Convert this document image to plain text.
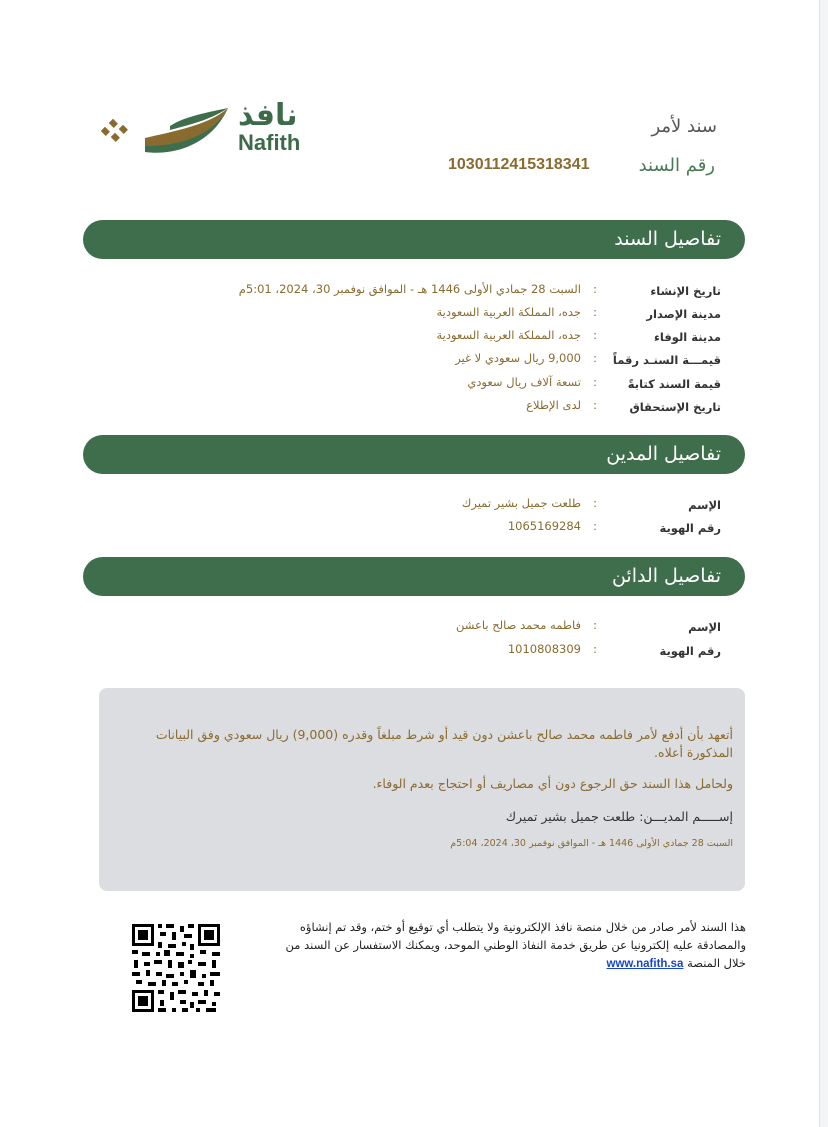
نافذ
Nafith
سند لأمر
رقم السند
1030112415318341
تفاصيل السند
تاريخ الإنشاء
:
السبت 28 جمادي الأولى 1446 هـ - الموافق نوفمبر 30، 2024، 5:01م
مدينة الإصدار
:
جده، المملكة العربية السعودية
مدينة الوفاء
:
جده، المملكة العربية السعودية
قيمـــة السنـد رقماً
:
9,000 ريال سعودي لا غير
قيمة السند كتابةً
:
تسعة آلاف ريال سعودي
تاريخ الإستحقاق
:
لدى الإطلاع
تفاصيل المدين
الإسم
:
طلعت جميل بشير تميرك
رقم الهوية
:
1065169284
تفاصيل الدائن
الإسم
:
فاطمه محمد صالح باعشن
رقم الهوية
:
1010808309
أتعهد بأن أدفع لأمر فاطمه محمد صالح باعشن دون قيد أو شرط مبلغاً وقدره (9,000) ريال سعودي وفق البيانات المذكورة أعلاه.
ولحامل هذا السند حق الرجوع دون أي مصاريف أو احتجاج بعدم الوفاء.
إســـــم المديـــن: طلعت جميل بشير تميرك
السبت 28 جمادي الأولى 1446 هـ - الموافق نوفمبر 30، 2024، 5:04م
هذا السند لأمر صادر من خلال منصة نافذ الإلكترونية ولا يتطلب أي توقيع أو ختم، وقد تم إنشاؤه والمصادقة عليه إلكترونيا عن طريق خدمة النفاذ الوطني الموحد، ويمكنك الاستفسار عن السند من خلال المنصة www.nafith.sa
